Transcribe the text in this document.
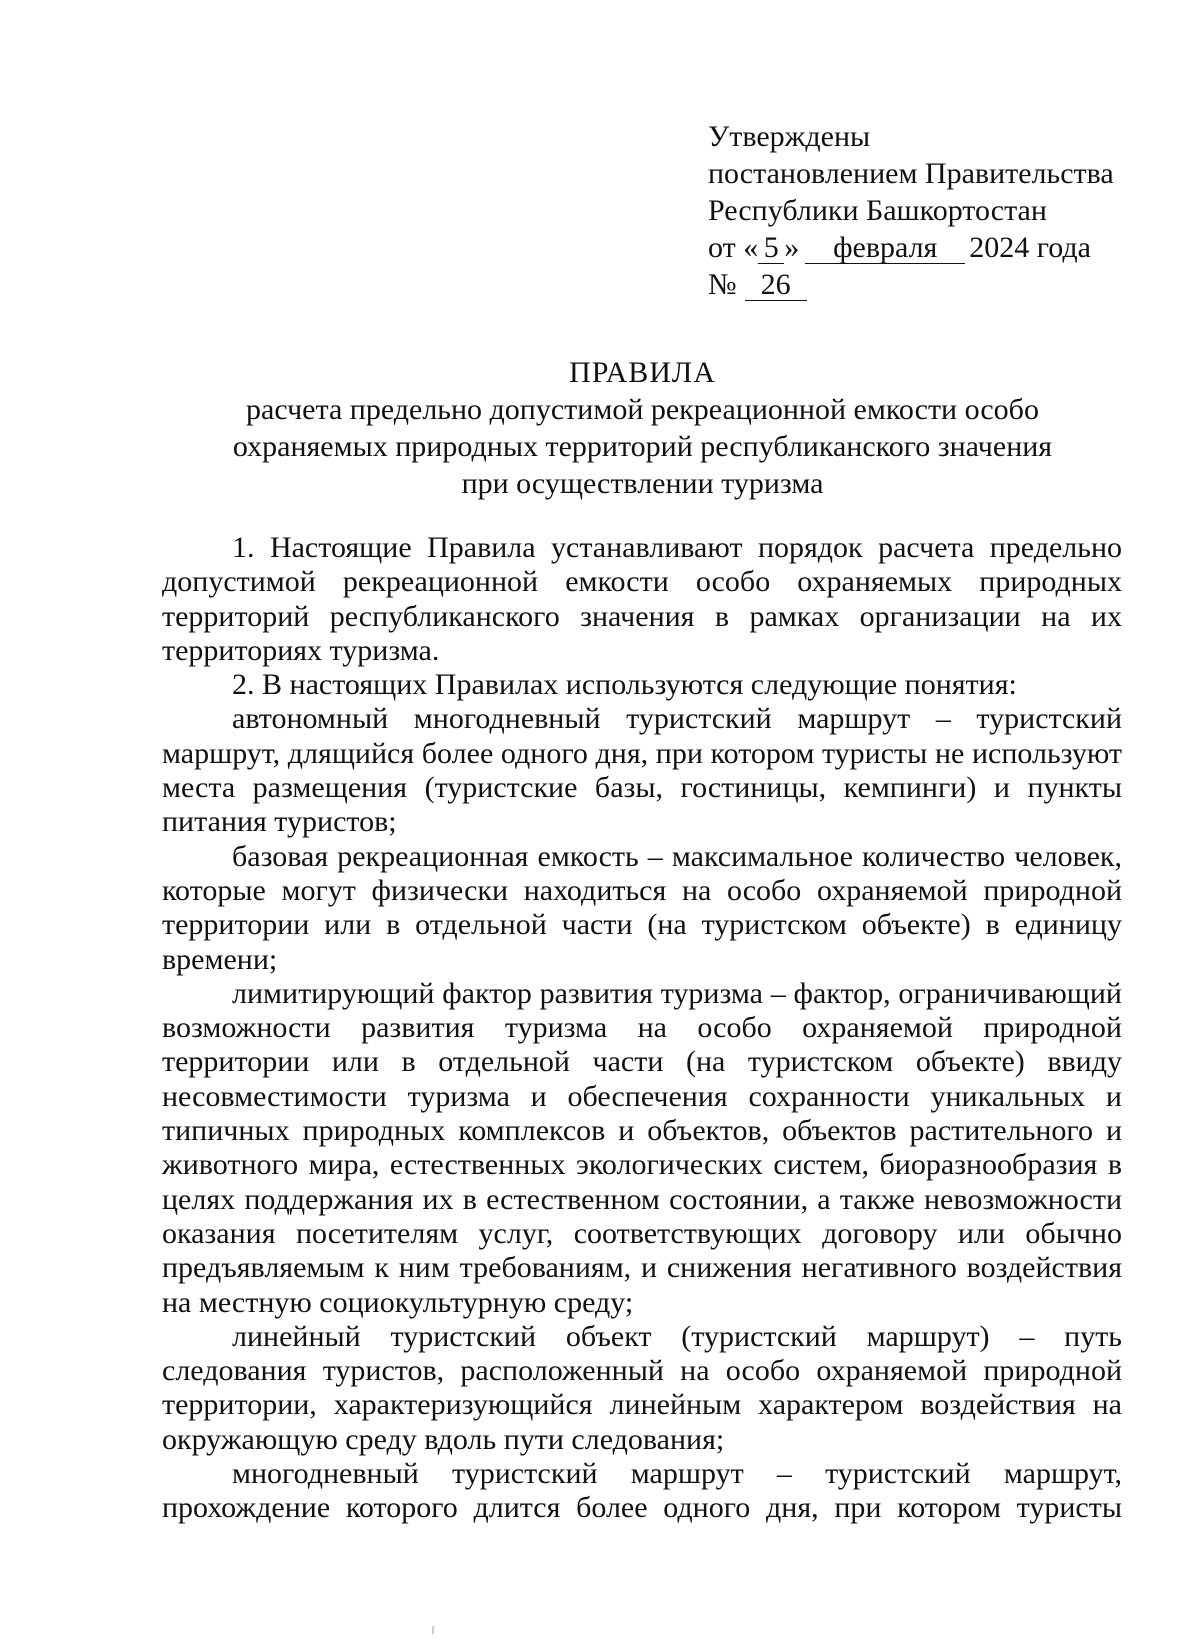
Утверждены
постановлением Правительства
Республики Башкортостан
от « 5 » февраля 2024 года
№ 26
ПРАВИЛА
расчета предельно допустимой рекреационной емкости особо
охраняемых природных территорий республиканского значения
при осуществлении туризма

1. Настоящие Правила устанавливают порядок расчета предельно допустимой рекреационной емкости особо охраняемых природных территорий республиканского значения в рамках организации на их территориях туризма.

2. В настоящих Правилах используются следующие понятия:

автономный многодневный туристский маршрут – туристский маршрут, длящийся более одного дня, при котором туристы не используют места размещения (туристские базы, гостиницы, кемпинги) и пункты питания туристов;

базовая рекреационная емкость – максимальное количество человек, которые могут физически находиться на особо охраняемой природной территории или в отдельной части (на туристском объекте) в единицу времени;

лимитирующий фактор развития туризма – фактор, ограничивающий возможности развития туризма на особо охраняемой природной территории или в отдельной части (на туристском объекте) ввиду несовместимости туризма и обеспечения сохранности уникальных и типичных природных комплексов и объектов, объектов растительного и животного мира, естественных экологических систем, биоразнообразия в целях поддержания их в естественном состоянии, а также невозможности оказания посетителям услуг, соответствующих договору или обычно предъявляемым к ним требованиям, и снижения негативного воздействия на местную социокультурную среду;

линейный туристский объект (туристский маршрут) – путь следования туристов, расположенный на особо охраняемой природной территории, характеризующийся линейным характером воздействия на окружающую среду вдоль пути следования;

многодневный туристский маршрут – туристский маршрут, прохождение которого длится более одного дня, при котором туристы
